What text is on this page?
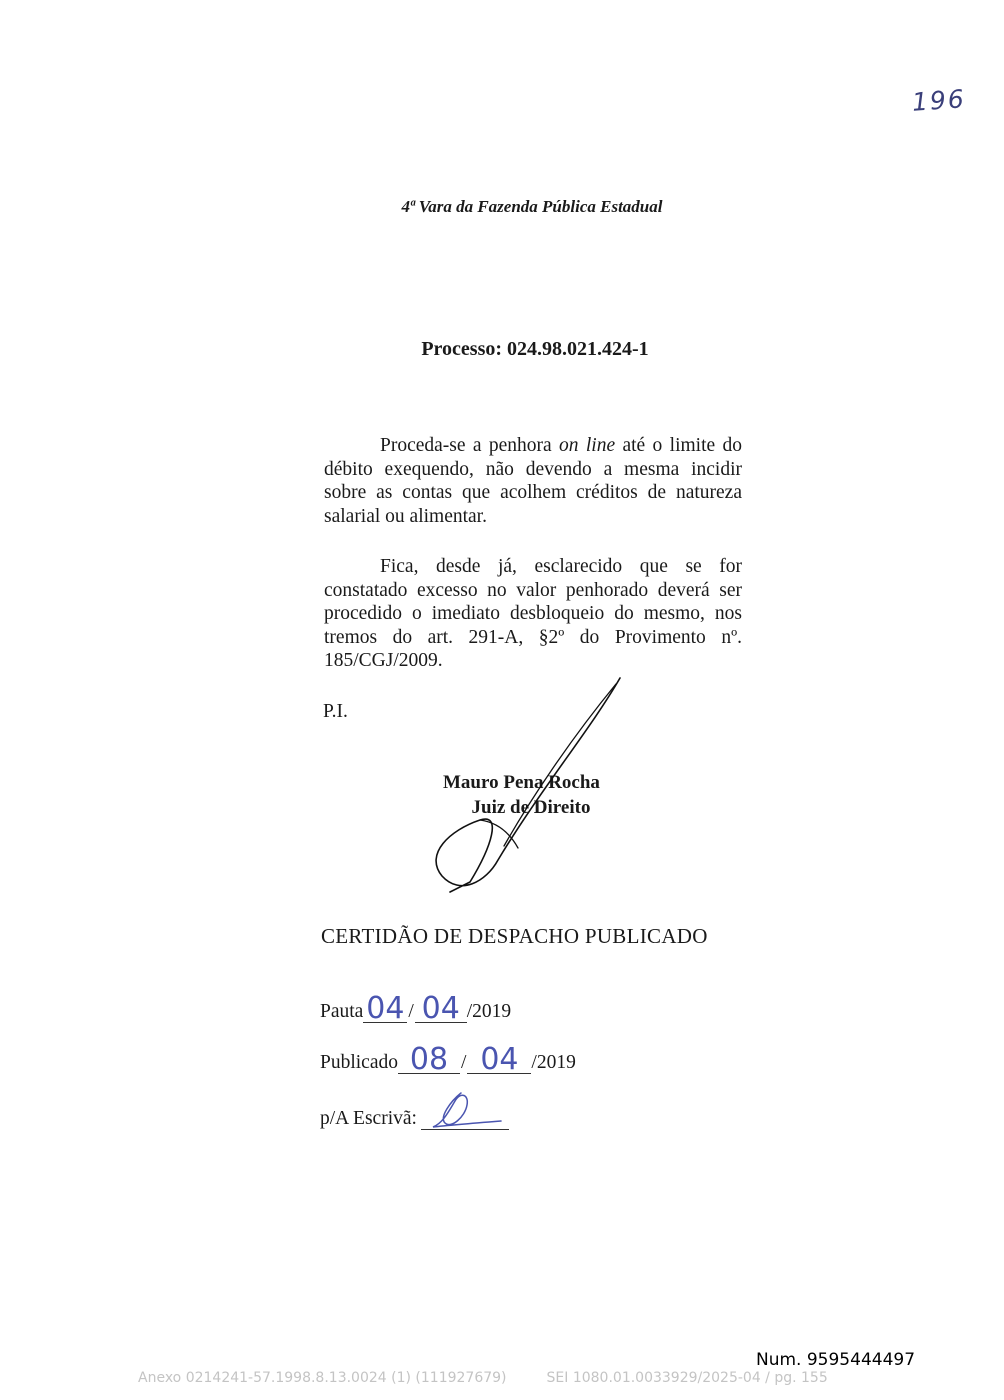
196
4ª Vara da Fazenda Pública Estadual
Processo: 024.98.021.424-1

Proceda-se a penhora on line até o limite do débito exequendo, não devendo a mesma incidir sobre as contas que acolhem créditos de natureza salarial ou alimentar.

Fica, desde já, esclarecido que se for constatado excesso no valor penhorado deverá ser procedido o imediato desbloqueio do mesmo, nos tremos do art. 291-A, §2º do Provimento nº. 185/CGJ/2009.

P.I.
Mauro Pena Rocha
Juiz de Direito
CERTIDÃO DE DESPACHO PUBLICADO
Pauta 04 / 04 /2019
Publicado 08 / 04 /2019
p/A Escrivã:
Num. 9595444497
Anexo 0214241-57.1998.8.13.0024 (1) (111927679)	SEI 1080.01.0033929/2025-04 / pg. 155
